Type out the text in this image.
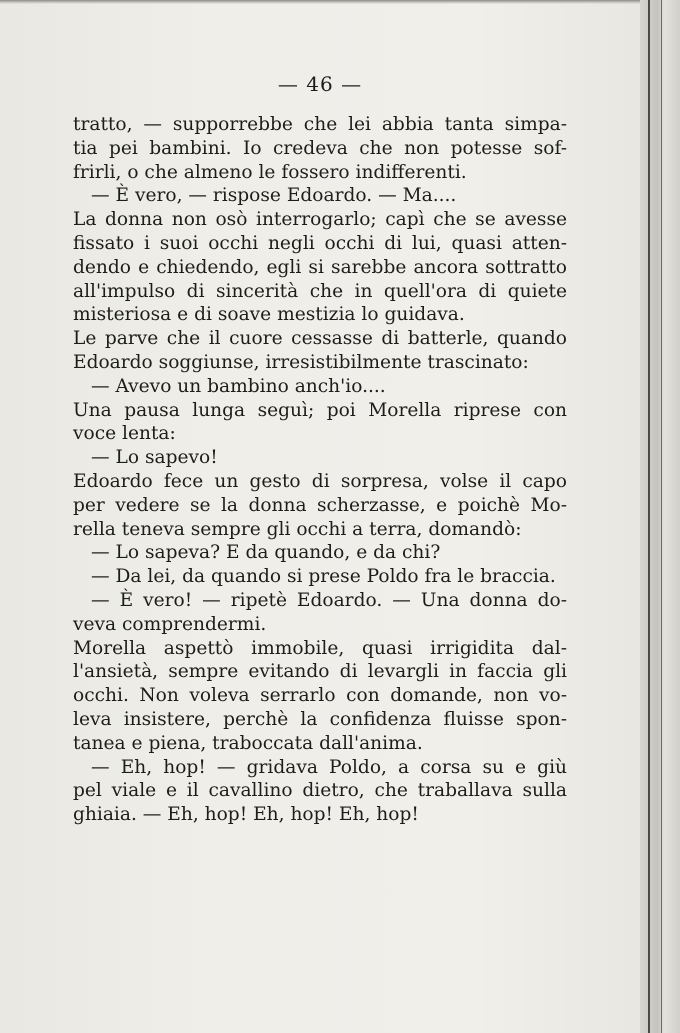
— 46 —
tratto, — supporrebbe che lei abbia tanta simpa-
tia pei bambini. Io credeva che non potesse sof-
frirli, o che almeno le fossero indifferenti.
— È vero, — rispose Edoardo. — Ma....
La donna non osò interrogarlo; capì che se avesse
fissato i suoi occhi negli occhi di lui, quasi atten-
dendo e chiedendo, egli si sarebbe ancora sottratto
all'impulso di sincerità che in quell'ora di quiete
misteriosa e di soave mestizia lo guidava.
Le parve che il cuore cessasse di batterle, quando
Edoardo soggiunse, irresistibilmente trascinato:
— Avevo un bambino anch'io....
Una pausa lunga seguì; poi Morella riprese con
voce lenta:
— Lo sapevo!
Edoardo fece un gesto di sorpresa, volse il capo
per vedere se la donna scherzasse, e poichè Mo-
rella teneva sempre gli occhi a terra, domandò:
— Lo sapeva? E da quando, e da chi?
— Da lei, da quando si prese Poldo fra le braccia.
— È vero! — ripetè Edoardo. — Una donna do-
veva comprendermi.
Morella aspettò immobile, quasi irrigidita dal-
l'ansietà, sempre evitando di levargli in faccia gli
occhi. Non voleva serrarlo con domande, non vo-
leva insistere, perchè la confidenza fluisse spon-
tanea e piena, traboccata dall'anima.
— Eh, hop! — gridava Poldo, a corsa su e giù
pel viale e il cavallino dietro, che traballava sulla
ghiaia. — Eh, hop! Eh, hop! Eh, hop!
